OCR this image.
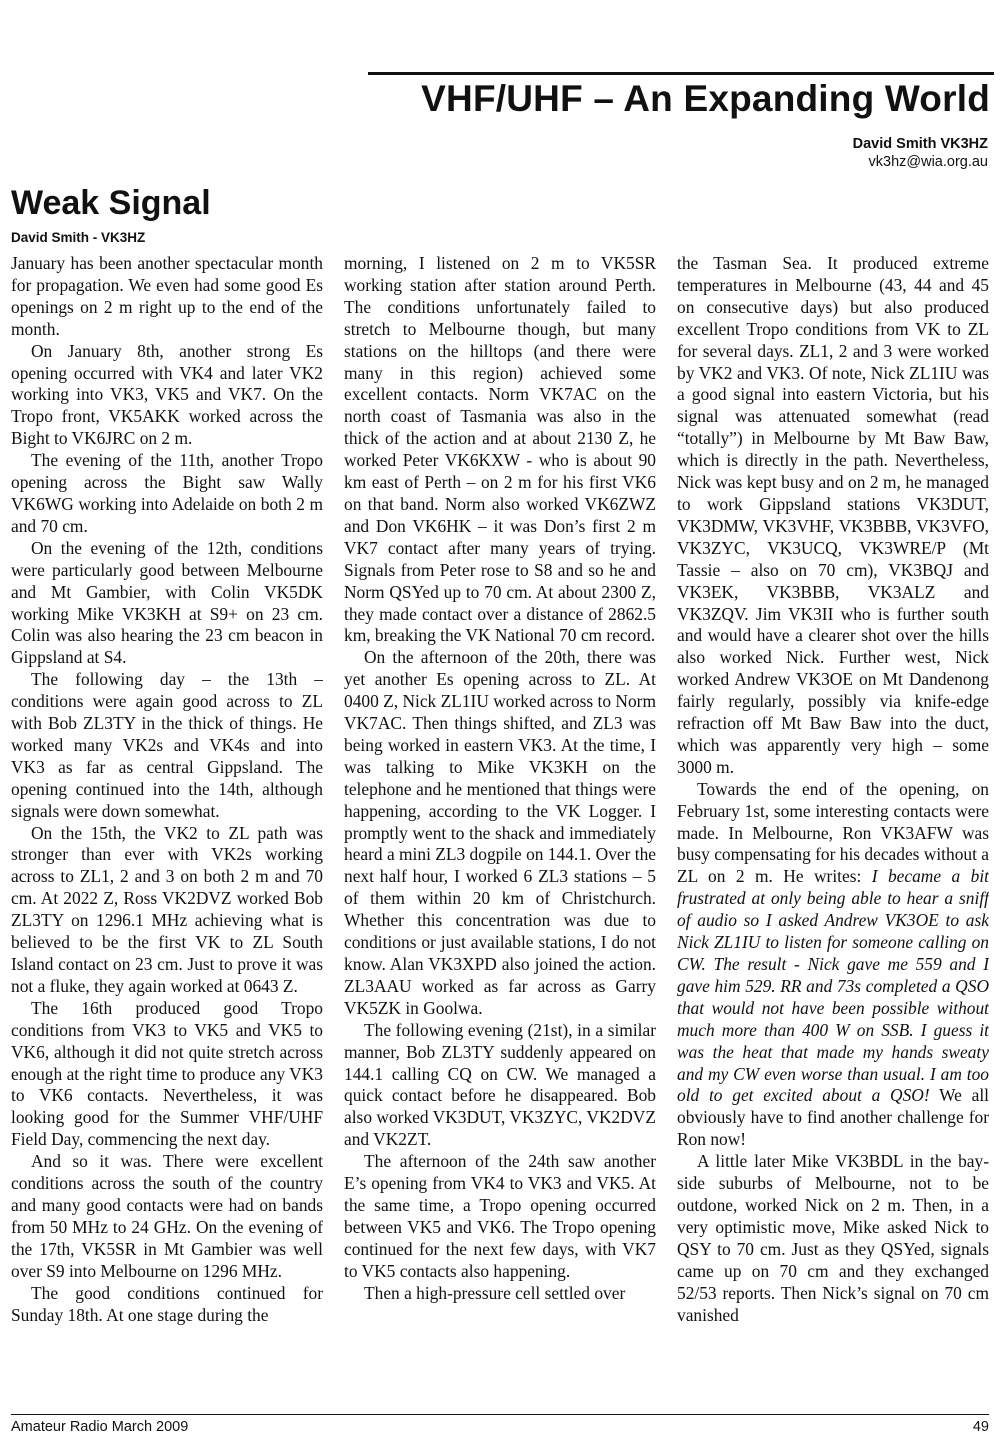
VHF/UHF – An Expanding World
David Smith VK3HZ
vk3hz@wia.org.au
Weak Signal
David Smith - VK3HZ

January has been another spectacular month for propagation. We even had some good Es openings on 2 m right up to the end of the month.

On January 8th, another strong Es opening occurred with VK4 and later VK2 working into VK3, VK5 and VK7. On the Tropo front, VK5AKK worked across the Bight to VK6JRC on 2 m.

The evening of the 11th, another Tropo opening across the Bight saw Wally VK6WG working into Adelaide on both 2 m and 70 cm.

On the evening of the 12th, conditions were particularly good between Melbourne and Mt Gambier, with Colin VK5DK working Mike VK3KH at S9+ on 23 cm. Colin was also hearing the 23 cm beacon in Gippsland at S4.

The following day – the 13th – conditions were again good across to ZL with Bob ZL3TY in the thick of things. He worked many VK2s and VK4s and into VK3 as far as central Gippsland. The opening continued into the 14th, although signals were down somewhat.

On the 15th, the VK2 to ZL path was stronger than ever with VK2s working across to ZL1, 2 and 3 on both 2 m and 70 cm. At 2022 Z, Ross VK2DVZ worked Bob ZL3TY on 1296.1 MHz achieving what is believed to be the first VK to ZL South Island contact on 23 cm. Just to prove it was not a fluke, they again worked at 0643 Z.

The 16th produced good Tropo conditions from VK3 to VK5 and VK5 to VK6, although it did not quite stretch across enough at the right time to produce any VK3 to VK6 contacts. Nevertheless, it was looking good for the Summer VHF/UHF Field Day, commencing the next day.

And so it was. There were excellent conditions across the south of the country and many good contacts were had on bands from 50 MHz to 24 GHz. On the evening of the 17th, VK5SR in Mt Gambier was well over S9 into Melbourne on 1296 MHz.

The good conditions continued for Sunday 18th. At one stage during the

morning, I listened on 2 m to VK5SR working station after station around Perth. The conditions unfortunately failed to stretch to Melbourne though, but many stations on the hilltops (and there were many in this region) achieved some excellent contacts. Norm VK7AC on the north coast of Tasmania was also in the thick of the action and at about 2130 Z, he worked Peter VK6KXW - who is about 90 km east of Perth – on 2 m for his first VK6 on that band. Norm also worked VK6ZWZ and Don VK6HK – it was Don’s first 2 m VK7 contact after many years of trying. Signals from Peter rose to S8 and so he and Norm QSYed up to 70 cm. At about 2300 Z, they made contact over a distance of 2862.5 km, breaking the VK National 70 cm record.

On the afternoon of the 20th, there was yet another Es opening across to ZL. At 0400 Z, Nick ZL1IU worked across to Norm VK7AC. Then things shifted, and ZL3 was being worked in eastern VK3. At the time, I was talking to Mike VK3KH on the telephone and he mentioned that things were happening, according to the VK Logger. I promptly went to the shack and immediately heard a mini ZL3 dogpile on 144.1. Over the next half hour, I worked 6 ZL3 stations – 5 of them within 20 km of Christchurch. Whether this concentration was due to conditions or just available stations, I do not know. Alan VK3XPD also joined the action. ZL3AAU worked as far across as Garry VK5ZK in Goolwa.

The following evening (21st), in a similar manner, Bob ZL3TY suddenly appeared on 144.1 calling CQ on CW. We managed a quick contact before he disappeared. Bob also worked VK3DUT, VK3ZYC, VK2DVZ and VK2ZT.

The afternoon of the 24th saw another E’s opening from VK4 to VK3 and VK5. At the same time, a Tropo opening occurred between VK5 and VK6. The Tropo opening continued for the next few days, with VK7 to VK5 contacts also happening.

Then a high-pressure cell settled over

the Tasman Sea. It produced extreme temperatures in Melbourne (43, 44 and 45 on consecutive days) but also produced excellent Tropo conditions from VK to ZL for several days. ZL1, 2 and 3 were worked by VK2 and VK3. Of note, Nick ZL1IU was a good signal into eastern Victoria, but his signal was attenuated somewhat (read “totally”) in Melbourne by Mt Baw Baw, which is directly in the path. Nevertheless, Nick was kept busy and on 2 m, he managed to work Gippsland stations VK3DUT, VK3DMW, VK3VHF, VK3BBB, VK3VFO, VK3ZYC, VK3UCQ, VK3WRE/P (Mt Tassie – also on 70 cm), VK3BQJ and VK3EK, VK3BBB, VK3ALZ and VK3ZQV. Jim VK3II who is further south and would have a clearer shot over the hills also worked Nick. Further west, Nick worked Andrew VK3OE on Mt Dandenong fairly regularly, possibly via knife-edge refraction off Mt Baw Baw into the duct, which was apparently very high – some 3000 m.

Towards the end of the opening, on February 1st, some interesting contacts were made. In Melbourne, Ron VK3AFW was busy compensating for his decades without a ZL on 2 m. He writes: I became a bit frustrated at only being able to hear a sniff of audio so I asked Andrew VK3OE to ask Nick ZL1IU to listen for someone calling on CW. The result - Nick gave me 559 and I gave him 529. RR and 73s completed a QSO that would not have been possible without much more than 400 W on SSB. I guess it was the heat that made my hands sweaty and my CW even worse than usual. I am too old to get excited about a QSO! We all obviously have to find another challenge for Ron now!

A little later Mike VK3BDL in the bay-side suburbs of Melbourne, not to be outdone, worked Nick on 2 m. Then, in a very optimistic move, Mike asked Nick to QSY to 70 cm. Just as they QSYed, signals came up on 70 cm and they exchanged 52/53 reports. Then Nick’s signal on 70 cm vanished

Amateur Radio March 2009	49
